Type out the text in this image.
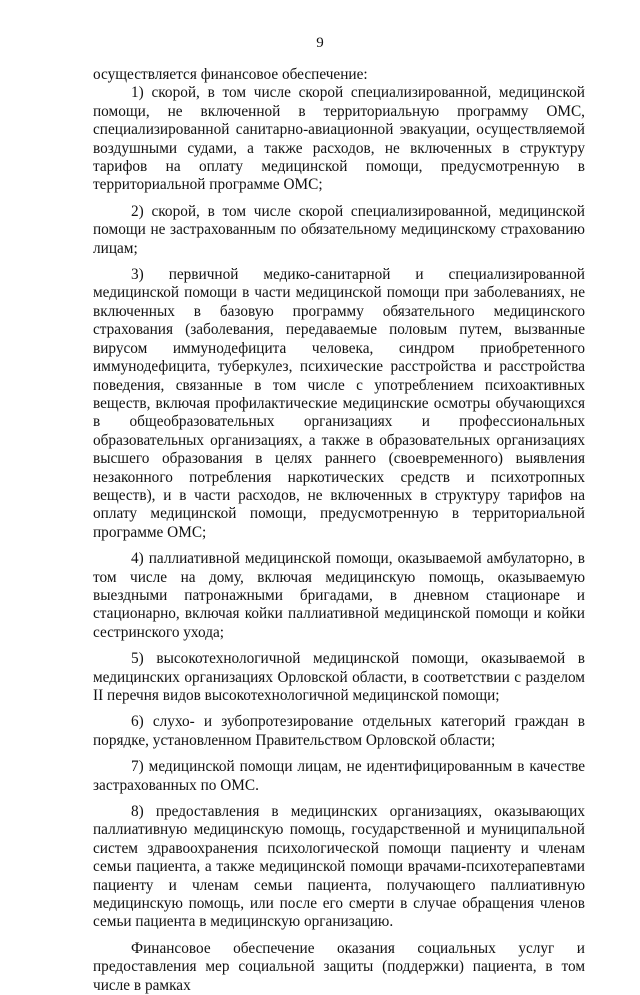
9

осуществляется финансовое обеспечение:

1) скорой, в том числе скорой специализированной, медицинской помощи, не включенной в территориальную программу ОМС, специализированной санитарно-авиационной эвакуации, осуществляемой воздушными судами, а также расходов, не включенных в структуру тарифов на оплату медицинской помощи, предусмотренную в территориальной программе ОМС;

2) скорой, в том числе скорой специализированной, медицинской помощи не застрахованным по обязательному медицинскому страхованию лицам;

3) первичной медико-санитарной и специализированной медицинской помощи в части медицинской помощи при заболеваниях, не включенных в базовую программу обязательного медицинского страхования (заболевания, передаваемые половым путем, вызванные вирусом иммунодефицита человека, синдром приобретенного иммунодефицита, туберкулез, психические расстройства и расстройства поведения, связанные в том числе с употреблением психоактивных веществ, включая профилактические медицинские осмотры обучающихся в общеобразовательных организациях и профессиональных образовательных организациях, а также в образовательных организациях высшего образования в целях раннего (своевременного) выявления незаконного потребления наркотических средств и психотропных веществ), и в части расходов, не включенных в структуру тарифов на оплату медицинской помощи, предусмотренную в территориальной программе ОМС;

4) паллиативной медицинской помощи, оказываемой амбулаторно, в том числе на дому, включая медицинскую помощь, оказываемую выездными патронажными бригадами, в дневном стационаре и стационарно, включая койки паллиативной медицинской помощи и койки сестринского ухода;

5) высокотехнологичной медицинской помощи, оказываемой в медицинских организациях Орловской области, в соответствии с разделом II перечня видов высокотехнологичной медицинской помощи;

6) слухо- и зубопротезирование отдельных категорий граждан в порядке, установленном Правительством Орловской области;

7) медицинской помощи лицам, не идентифицированным в качестве застрахованных по ОМС.

8) предоставления в медицинских организациях, оказывающих паллиативную медицинскую помощь, государственной и муниципальной систем здравоохранения психологической помощи пациенту и членам семьи пациента, а также медицинской помощи врачами-психотерапевтами пациенту и членам семьи пациента, получающего паллиативную медицинскую помощь, или после его смерти в случае обращения членов семьи пациента в медицинскую организацию.

Финансовое обеспечение оказания социальных услуг и предоставления мер социальной защиты (поддержки) пациента, в том числе в рамках
